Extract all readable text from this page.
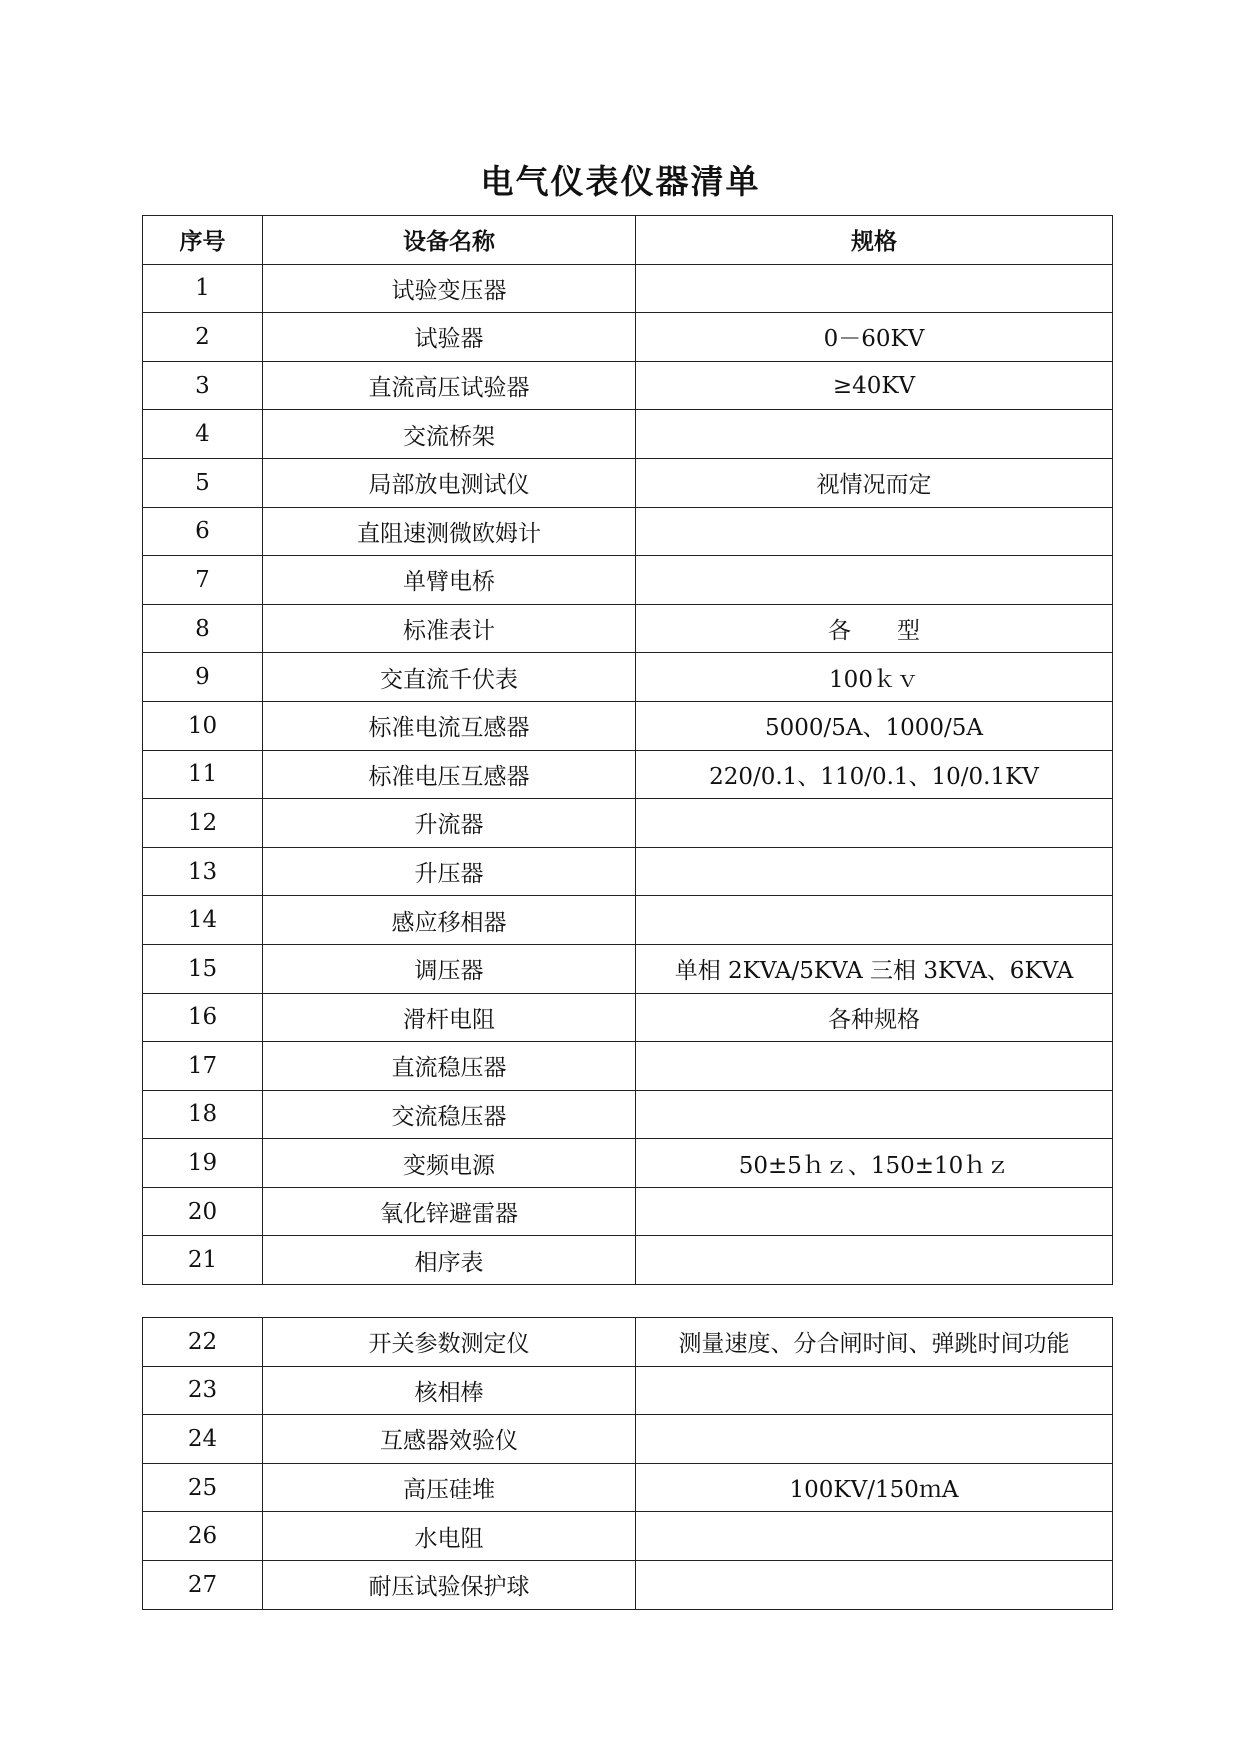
电气仪表仪器清单
序号	设备名称	规格
1	试验变压器	
2	试验器	0－60KV
3	直流高压试验器	≥40KV
4	交流桥架	
5	局部放电测试仪	视情况而定
6	直阻速测微欧姆计	
7	单臂电桥	
8	标准表计	各　　型
9	交直流千伏表	100ｋｖ
10	标准电流互感器	5000/5A、1000/5A
11	标准电压互感器	220/0.1、110/0.1、10/0.1KV
12	升流器	
13	升压器	
14	感应移相器	
15	调压器	单相 2KVA/5KVA 三相 3KVA、6KVA
16	滑杆电阻	各种规格
17	直流稳压器	
18	交流稳压器	
19	变频电源	50±5ｈｚ、150±10ｈｚ
20	氧化锌避雷器	
21	相序表	
22	开关参数测定仪	测量速度、分合闸时间、弹跳时间功能
23	核相棒	
24	互感器效验仪	
25	高压硅堆	100KV/150ｍA
26	水电阻	
27	耐压试验保护球	
